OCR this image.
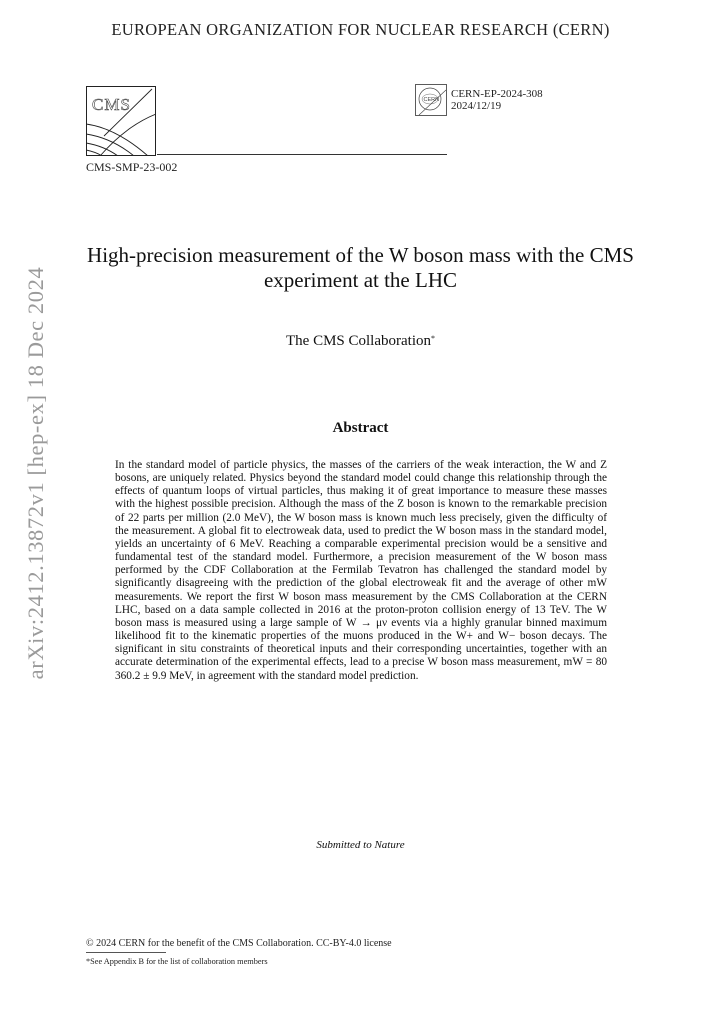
EUROPEAN ORGANIZATION FOR NUCLEAR RESEARCH (CERN)
CMS
CMS-SMP-23-002
CERN CERN-EP-2024-308
2024/12/19
High-precision measurement of the W boson mass with the CMS experiment at the LHC
The CMS Collaboration*
Abstract
In the standard model of particle physics, the masses of the carriers of the weak interaction, the W and Z bosons, are uniquely related. Physics beyond the standard model could change this relationship through the effects of quantum loops of virtual particles, thus making it of great importance to measure these masses with the highest possible precision. Although the mass of the Z boson is known to the remarkable precision of 22 parts per million (2.0 MeV), the W boson mass is known much less precisely, given the difficulty of the measurement. A global fit to electroweak data, used to predict the W boson mass in the standard model, yields an uncertainty of 6 MeV. Reaching a comparable experimental precision would be a sensitive and fundamental test of the standard model. Furthermore, a precision measurement of the W boson mass performed by the CDF Collaboration at the Fermilab Tevatron has challenged the standard model by significantly disagreeing with the prediction of the global electroweak fit and the average of other mW measurements. We report the first W boson mass measurement by the CMS Collaboration at the CERN LHC, based on a data sample collected in 2016 at the proton-proton collision energy of 13 TeV. The W boson mass is measured using a large sample of W → μν events via a highly granular binned maximum likelihood fit to the kinematic properties of the muons produced in the W+ and W− boson decays. The significant in situ constraints of theoretical inputs and their corresponding uncertainties, together with an accurate determination of the experimental effects, lead to a precise W boson mass measurement, mW = 80 360.2 ± 9.9 MeV, in agreement with the standard model prediction.
Submitted to Nature
© 2024 CERN for the benefit of the CMS Collaboration. CC-BY-4.0 license
*See Appendix B for the list of collaboration members
arXiv:2412.13872v1 [hep-ex] 18 Dec 2024
